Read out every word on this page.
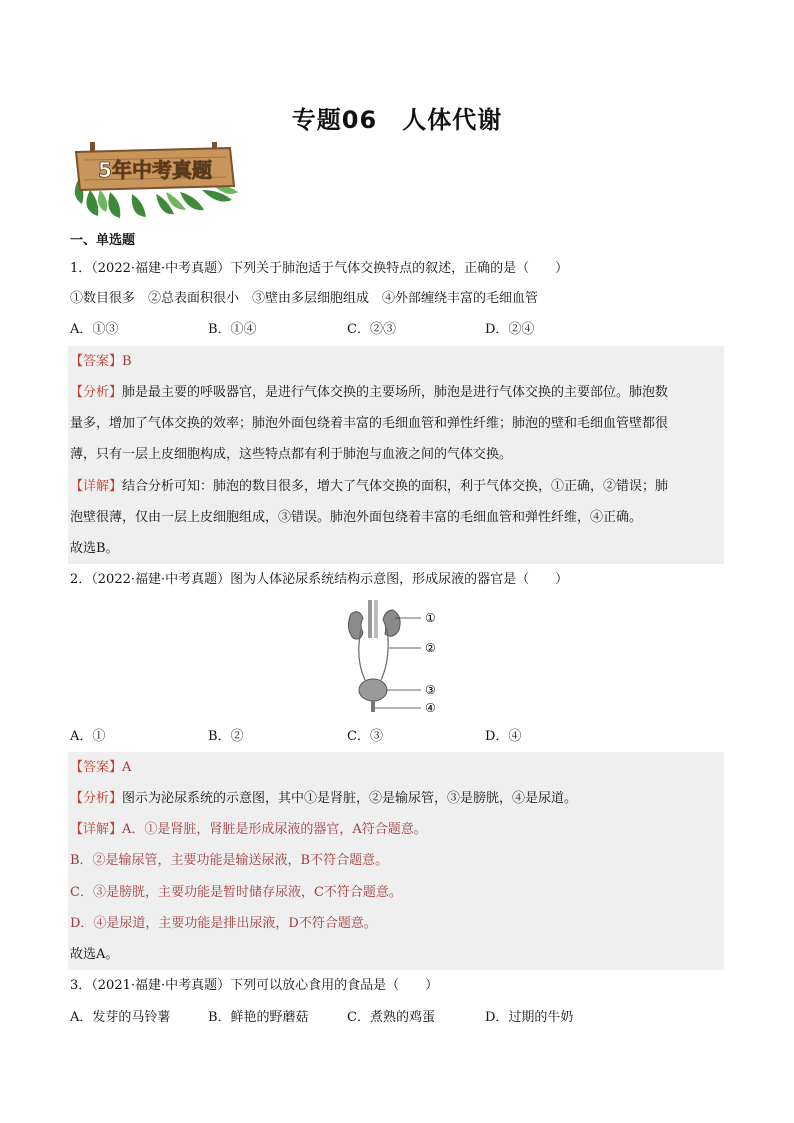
专题06　人体代谢
5年中考真题
一、单选题
1．（2022·福建·中考真题）下列关于肺泡适于气体交换特点的叙述，正确的是（　　）
①数目很多　②总表面积很小　③壁由多层细胞组成　④外部缠绕丰富的毛细血管
A．①③	B．①④	C．②③	D．②④
【答案】B
【分析】肺是最主要的呼吸器官，是进行气体交换的主要场所，肺泡是进行气体交换的主要部位。肺泡数
量多，增加了气体交换的效率；肺泡外面包绕着丰富的毛细血管和弹性纤维；肺泡的壁和毛细血管壁都很
薄，只有一层上皮细胞构成，这些特点都有利于肺泡与血液之间的气体交换。
【详解】结合分析可知：肺泡的数目很多，增大了气体交换的面积，利于气体交换，①正确，②错误；肺
泡壁很薄，仅由一层上皮细胞组成，③错误。肺泡外面包绕着丰富的毛细血管和弹性纤维，④正确。
故选B。
2．（2022·福建·中考真题）图为人体泌尿系统结构示意图，形成尿液的器官是（　　）
①
②
③
④
A．①	B．②	C．③	D．④
【答案】A
【分析】图示为泌尿系统的示意图，其中①是肾脏，②是输尿管，③是膀胱，④是尿道。
【详解】A．①是肾脏，肾脏是形成尿液的器官，A符合题意。
B．②是输尿管，主要功能是输送尿液，B不符合题意。
C．③是膀胱，主要功能是暂时储存尿液，C不符合题意。
D．④是尿道，主要功能是排出尿液，D不符合题意。
故选A。
3．（2021·福建·中考真题）下列可以放心食用的食品是（　　）
A．发芽的马铃薯	B．鲜艳的野蘑菇	C．煮熟的鸡蛋	D．过期的牛奶
